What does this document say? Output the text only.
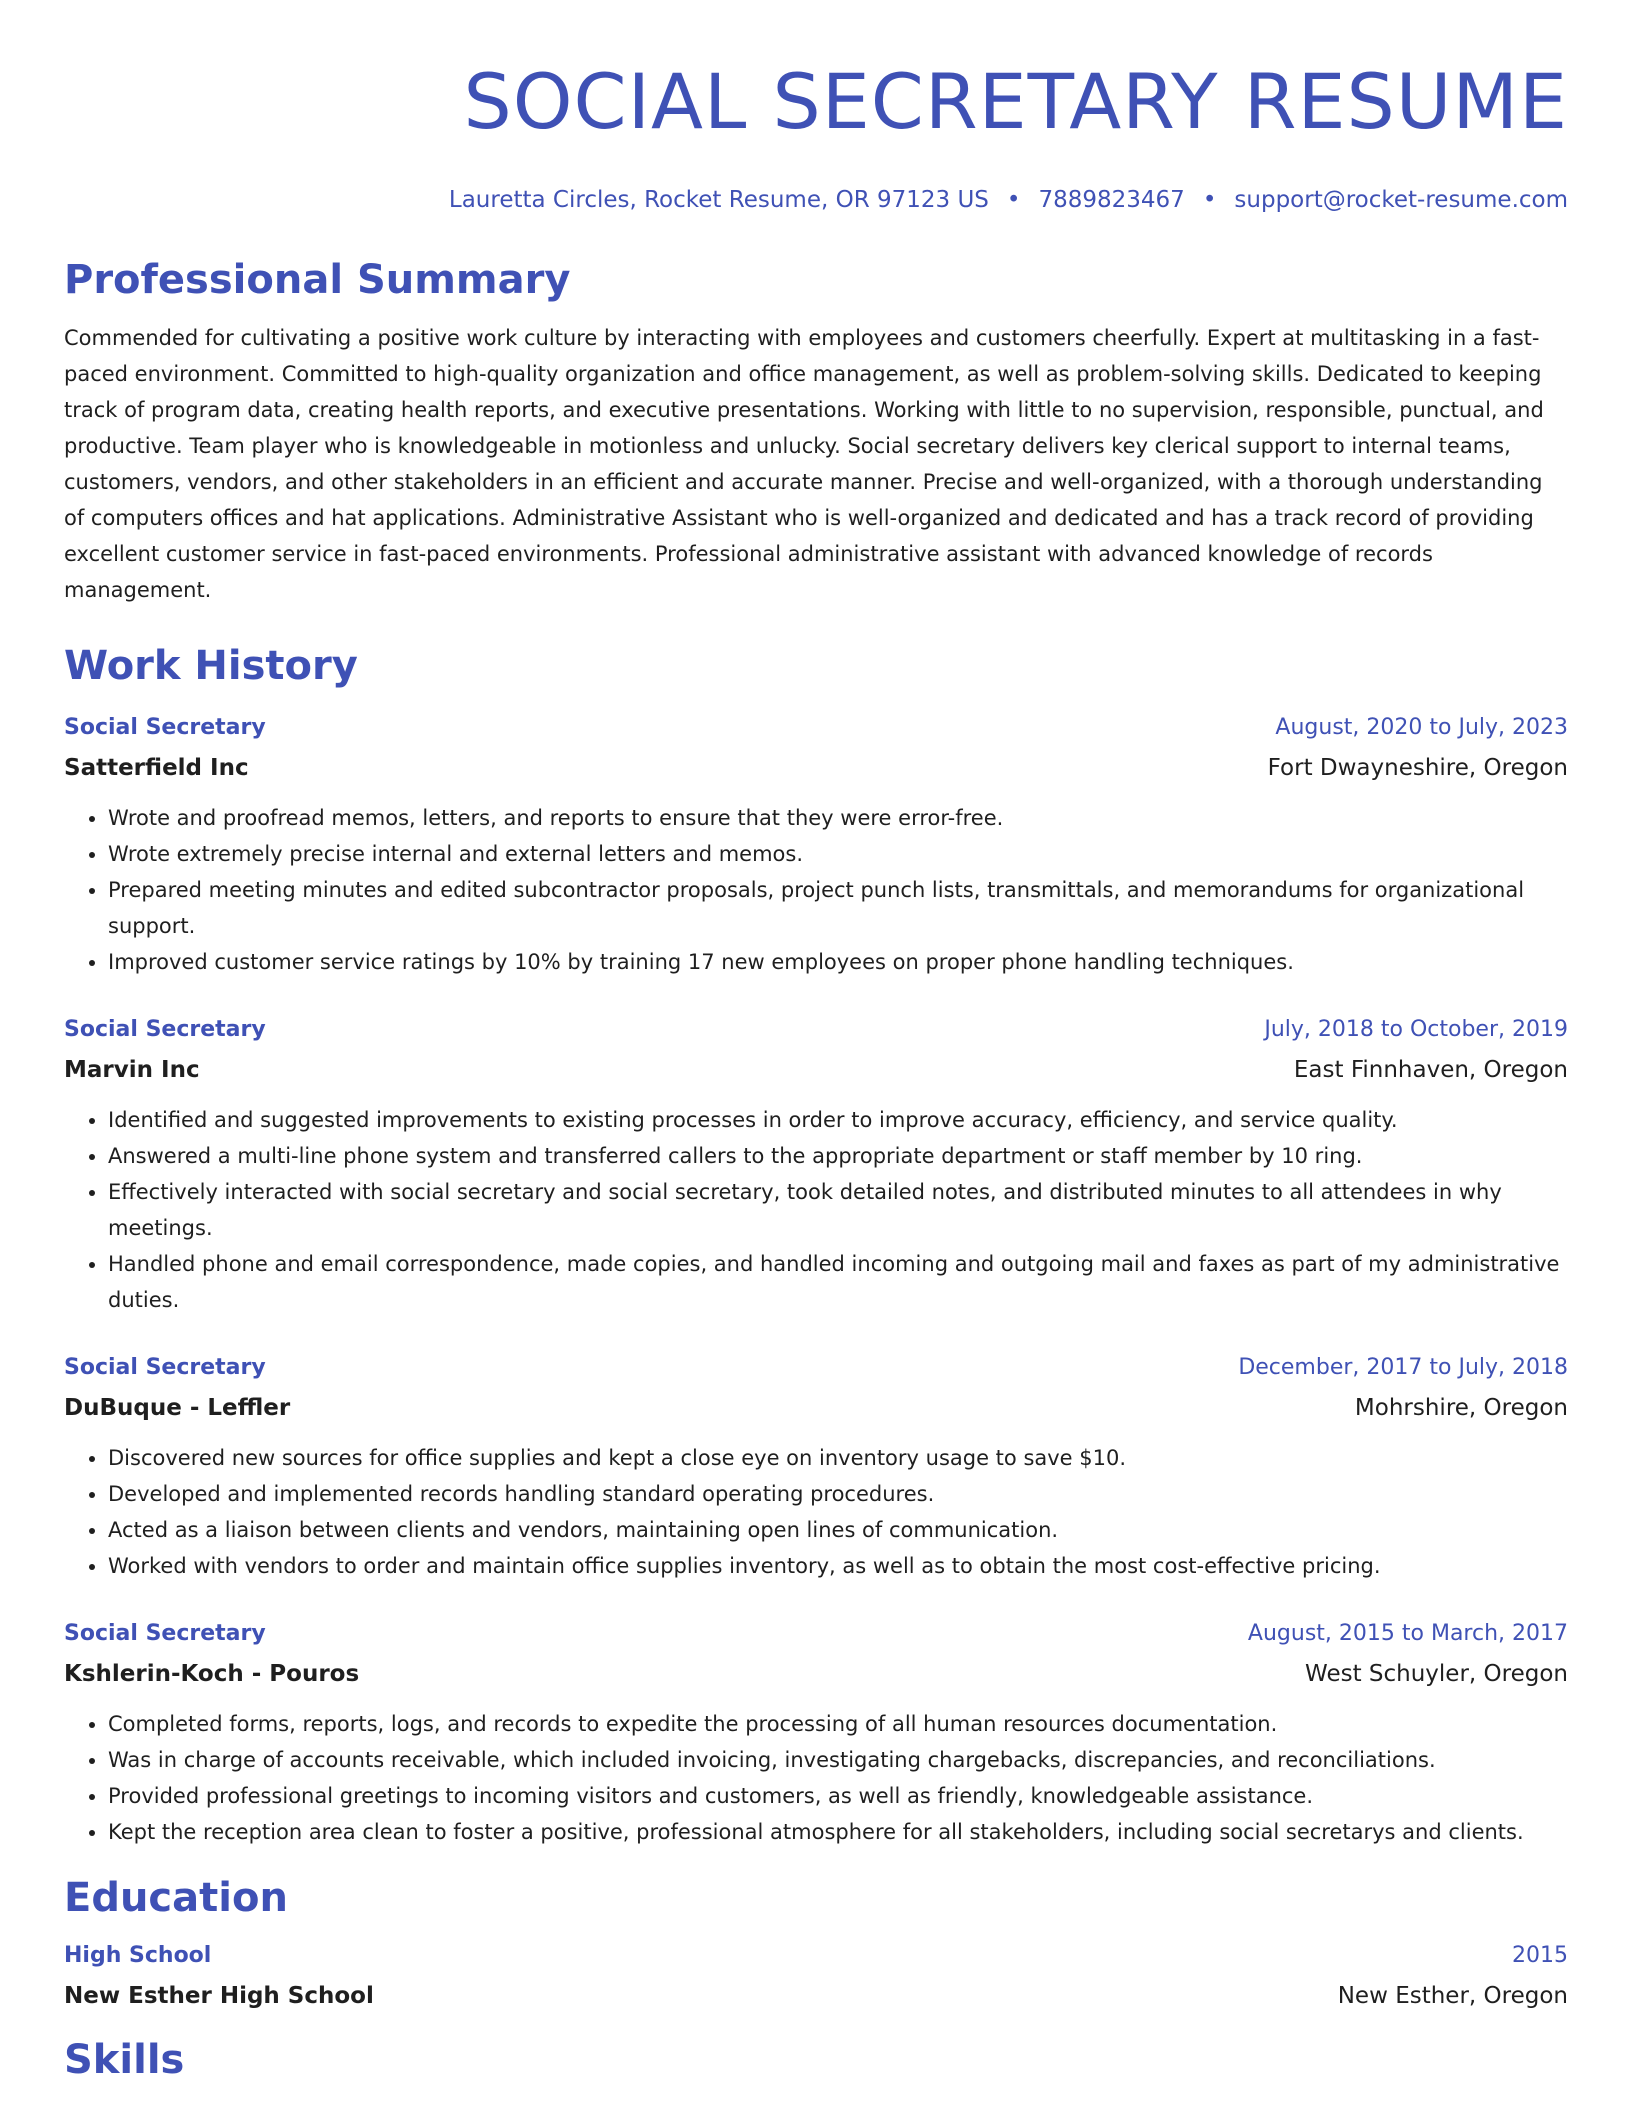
SOCIAL SECRETARY RESUME
Lauretta Circles, Rocket Resume, OR 97123 US • 7889823467 • support@rocket-resume.com
Professional Summary
Commended for cultivating a positive work culture by interacting with employees and customers cheerfully. Expert at multitasking in a fast-paced environment. Committed to high-quality organization and office management, as well as problem-solving skills. Dedicated to keeping track of program data, creating health reports, and executive presentations. Working with little to no supervision, responsible, punctual, and productive. Team player who is knowledgeable in motionless and unlucky. Social secretary delivers key clerical support to internal teams, customers, vendors, and other stakeholders in an efficient and accurate manner. Precise and well-organized, with a thorough understanding of computers offices and hat applications. Administrative Assistant who is well-organized and dedicated and has a track record of providing excellent customer service in fast-paced environments. Professional administrative assistant with advanced knowledge of records management.
Work History
Social Secretary	August, 2020 to July, 2023
Satterfield Inc	Fort Dwayneshire, Oregon
• Wrote and proofread memos, letters, and reports to ensure that they were error-free.
• Wrote extremely precise internal and external letters and memos.
• Prepared meeting minutes and edited subcontractor proposals, project punch lists, transmittals, and memorandums for organizational support.
• Improved customer service ratings by 10% by training 17 new employees on proper phone handling techniques.
Social Secretary	July, 2018 to October, 2019
Marvin Inc	East Finnhaven, Oregon
• Identified and suggested improvements to existing processes in order to improve accuracy, efficiency, and service quality.
• Answered a multi-line phone system and transferred callers to the appropriate department or staff member by 10 ring.
• Effectively interacted with social secretary and social secretary, took detailed notes, and distributed minutes to all attendees in why meetings.
• Handled phone and email correspondence, made copies, and handled incoming and outgoing mail and faxes as part of my administrative duties.
Social Secretary	December, 2017 to July, 2018
DuBuque - Leffler	Mohrshire, Oregon
• Discovered new sources for office supplies and kept a close eye on inventory usage to save $10.
• Developed and implemented records handling standard operating procedures.
• Acted as a liaison between clients and vendors, maintaining open lines of communication.
• Worked with vendors to order and maintain office supplies inventory, as well as to obtain the most cost-effective pricing.
Social Secretary	August, 2015 to March, 2017
Kshlerin-Koch - Pouros	West Schuyler, Oregon
• Completed forms, reports, logs, and records to expedite the processing of all human resources documentation.
• Was in charge of accounts receivable, which included invoicing, investigating chargebacks, discrepancies, and reconciliations.
• Provided professional greetings to incoming visitors and customers, as well as friendly, knowledgeable assistance.
• Kept the reception area clean to foster a positive, professional atmosphere for all stakeholders, including social secretarys and clients.
Education
High School	2015
New Esther High School	New Esther, Oregon
Skills
